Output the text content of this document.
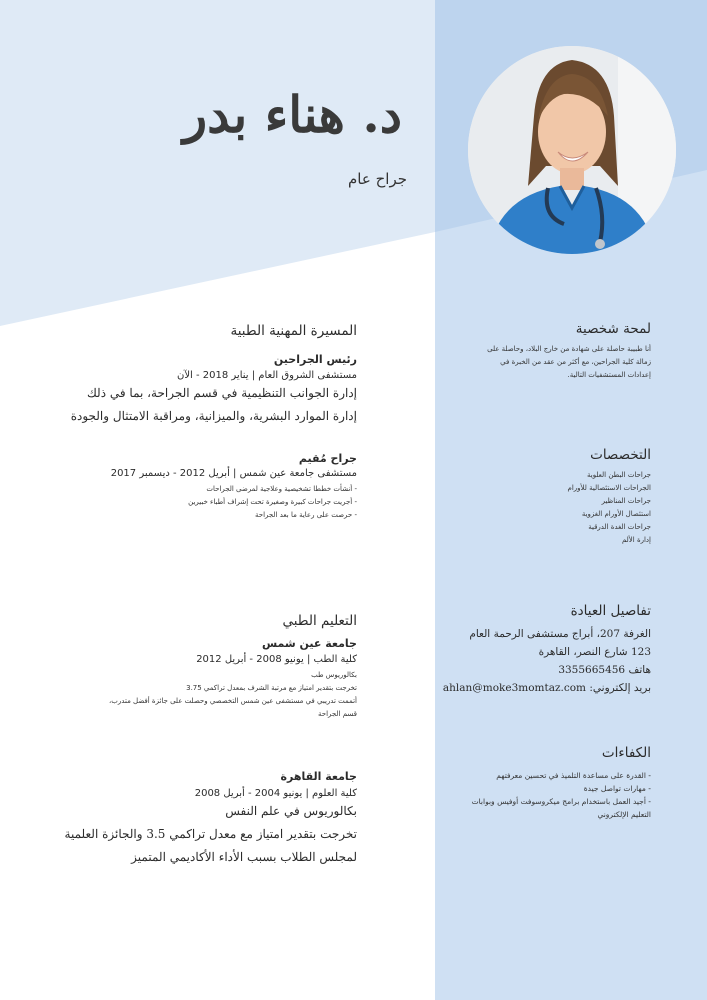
د. هناء بدر
جراح عام
المسيرة المهنية الطبية
رئيس الجراحين
مستشفى الشروق العام | يناير 2018 - الآن
إدارة الجوانب التنظيمية في قسم الجراحة، بما في ذلك
إدارة الموارد البشرية، والميزانية، ومراقبة الامتثال والجودة
جراح مُقيم
مستشفى جامعة عين شمس | أبريل 2012 - ديسمبر 2017
- أنشأت خططا تشخيصية وعلاجية لمرضى الجراحات
- أجريت جراحات كبيرة وصغيرة تحت إشراف أطباء خبيرين
- حرصت على رعاية ما بعد الجراحة
التعليم الطبي
جامعة عين شمس
كلية الطب | يونيو 2008 - أبريل 2012
بكالوريوس طب
تخرجت بتقدير امتياز مع مرتبة الشرف بمعدل تراكمي 3.75
أتممت تدريبي في مستشفى عين شمس التخصصي وحصلت على جائزة أفضل متدرب، قسم الجراحة
جامعة القاهرة
كلية العلوم | يونيو 2004 - أبريل 2008
بكالوريوس في علم النفس
تخرجت بتقدير امتياز مع معدل تراكمي 3.5 والجائزة العلمية
لمجلس الطلاب بسبب الأداء الأكاديمي المتميز
لمحة شخصية
أنا طبيبة حاصلة على شهادة من خارج البلاد، وحاصلة على
زمالة كلية الجراحين، مع أكثر من عقد من الخبرة في
إعدادات المستشفيات التالية.
التخصصات
جراحات البطن العلوية
الجراحات الاستئصالية للأورام
جراحات المناظير
استئصال الأورام الغزوية
جراحات الغدة الدرقية
إدارة الألم
تفاصيل العيادة
الغرفة 207، أبراج مستشفى الرحمة العام
123 شارع النصر، القاهرة
هاتف 3355665456
بريد إلكتروني: ahlan@moke3momtaz.com
الكفاءات
- القدرة على مساعدة التلميذ في تحسين معرفتهم
- مهارات تواصل جيدة
- أجيد العمل باستخدام برامج ميكروسوفت أوفيس وبوابات
التعليم الإلكتروني
